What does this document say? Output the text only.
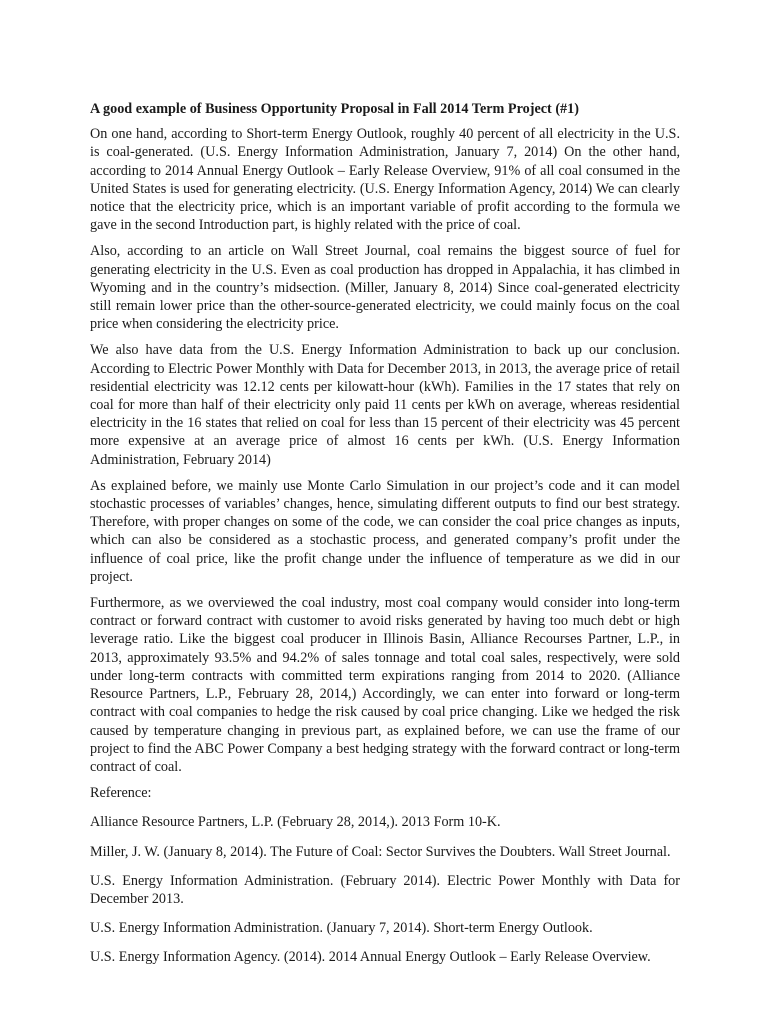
A good example of Business Opportunity Proposal in Fall 2014 Term Project (#1)

On one hand, according to Short-term Energy Outlook, roughly 40 percent of all electricity in the U.S. is coal-generated. (U.S. Energy Information Administration, January 7, 2014) On the other hand, according to 2014 Annual Energy Outlook – Early Release Overview, 91% of all coal consumed in the United States is used for generating electricity. (U.S. Energy Information Agency, 2014) We can clearly notice that the electricity price, which is an important variable of profit according to the formula we gave in the second Introduction part, is highly related with the price of coal.

Also, according to an article on Wall Street Journal, coal remains the biggest source of fuel for generating electricity in the U.S. Even as coal production has dropped in Appalachia, it has climbed in Wyoming and in the country’s midsection. (Miller, January 8, 2014) Since coal-generated electricity still remain lower price than the other-source-generated electricity, we could mainly focus on the coal price when considering the electricity price.

We also have data from the U.S. Energy Information Administration to back up our conclusion. According to Electric Power Monthly with Data for December 2013, in 2013, the average price of retail residential electricity was 12.12 cents per kilowatt-hour (kWh). Families in the 17 states that rely on coal for more than half of their electricity only paid 11 cents per kWh on average, whereas residential electricity in the 16 states that relied on coal for less than 15 percent of their electricity was 45 percent more expensive at an average price of almost 16 cents per kWh. (U.S. Energy Information Administration, February 2014)

As explained before, we mainly use Monte Carlo Simulation in our project’s code and it can model stochastic processes of variables’ changes, hence, simulating different outputs to find our best strategy. Therefore, with proper changes on some of the code, we can consider the coal price changes as inputs, which can also be considered as a stochastic process, and generated company’s profit under the influence of coal price, like the profit change under the influence of temperature as we did in our project.

Furthermore, as we overviewed the coal industry, most coal company would consider into long-term contract or forward contract with customer to avoid risks generated by having too much debt or high leverage ratio. Like the biggest coal producer in Illinois Basin, Alliance Recourses Partner, L.P., in 2013, approximately 93.5% and 94.2% of sales tonnage and total coal sales, respectively, were sold under long-term contracts with committed term expirations ranging from 2014 to 2020. (Alliance Resource Partners, L.P., February 28, 2014,) Accordingly, we can enter into forward or long-term contract with coal companies to hedge the risk caused by coal price changing. Like we hedged the risk caused by temperature changing in previous part, as explained before, we can use the frame of our project to find the ABC Power Company a best hedging strategy with the forward contract or long-term contract of coal.

Reference:

Alliance Resource Partners, L.P. (February 28, 2014,). 2013 Form 10-K.

Miller, J. W. (January 8, 2014). The Future of Coal: Sector Survives the Doubters. Wall Street Journal.

U.S. Energy Information Administration. (February 2014). Electric Power Monthly with Data for December 2013.

U.S. Energy Information Administration. (January 7, 2014). Short-term Energy Outlook.

U.S. Energy Information Agency. (2014). 2014 Annual Energy Outlook – Early Release Overview.
